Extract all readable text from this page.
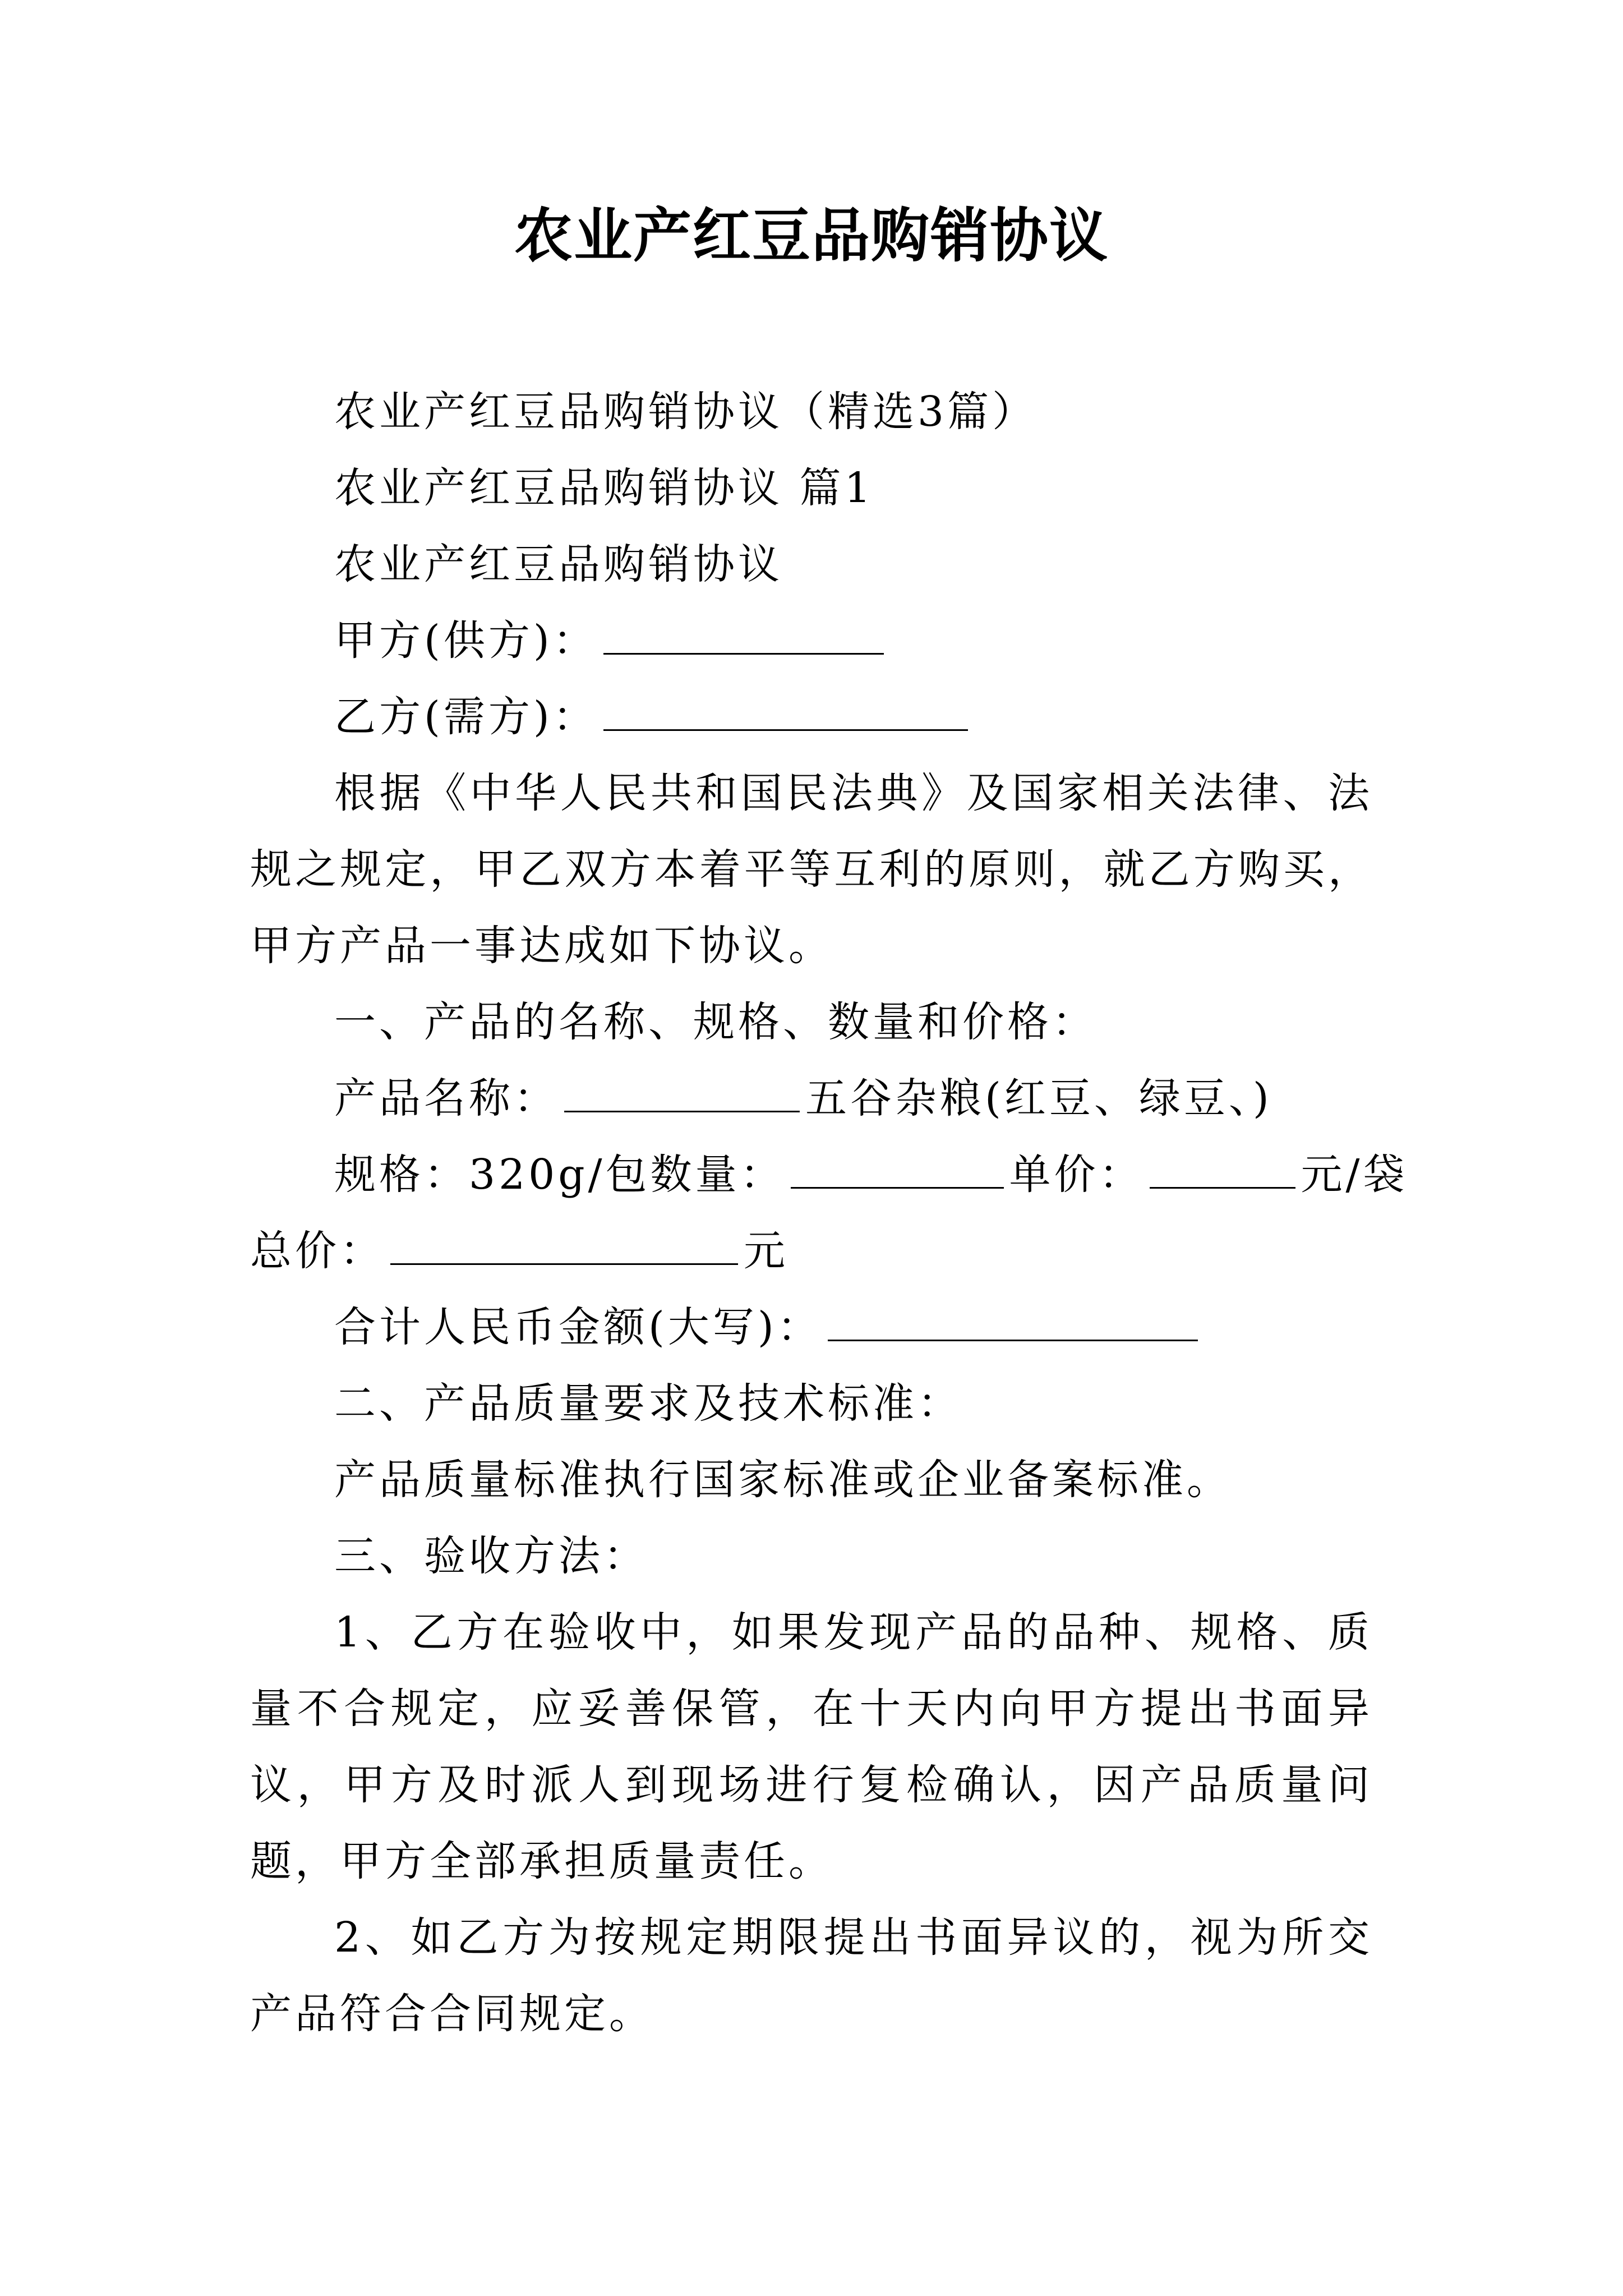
农业产红豆品购销协议

农业产红豆品购销协议（精选3篇）

农业产红豆品购销协议 篇1

农业产红豆品购销协议

甲方(供方)：

乙方(需方)：

根据《中华人民共和国民法典》及国家相关法律、法规之规定，甲乙双方本着平等互利的原则，就乙方购买，甲方产品一事达成如下协议。

一、产品的名称、规格、数量和价格：

产品名称：	五谷杂粮(红豆、绿豆、)

规格：320g/包数量：	单价：	元/袋

总价：	元

合计人民币金额(大写)：

二、产品质量要求及技术标准：

产品质量标准执行国家标准或企业备案标准。

三、验收方法：

1、乙方在验收中，如果发现产品的品种、规格、质量不合规定，应妥善保管，在十天内向甲方提出书面异议，甲方及时派人到现场进行复检确认，因产品质量问题，甲方全部承担质量责任。

2、如乙方为按规定期限提出书面异议的，视为所交产品符合合同规定。
